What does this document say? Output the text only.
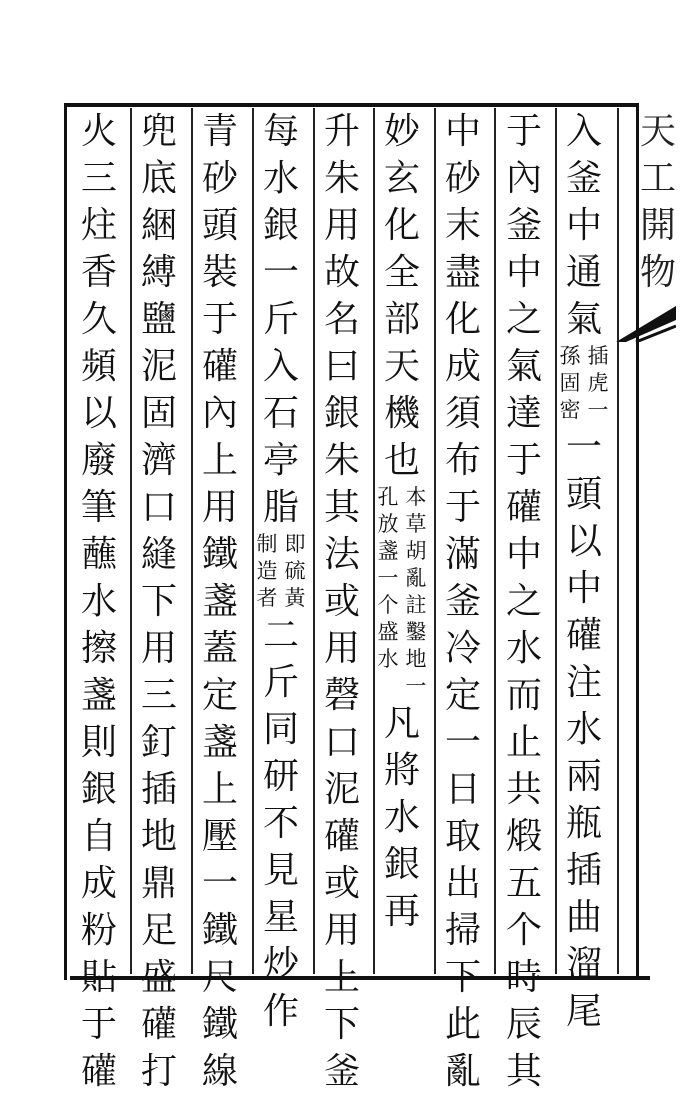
天
工
開
物
入
釜
中
通
氣
插
虎
一
孫
固
密
一
頭
以
中
礶
注
水
兩
瓶
插
曲
溜
尾
于
內
釜
中
之
氣
達
于
礶
中
之
水
而
止
共
煅
五
个
時
辰
其
中
砂
末
盡
化
成
須
布
于
滿
釜
冷
定
一
日
取
出
掃
下
此
亂
妙
玄
化
全
部
天
機
也
本
草
胡
亂
註
鑿
地
一
孔
放
盞
一
个
盛
水
凡
將
水
銀
再
升
朱
用
故
名
曰
銀
朱
其
法
或
用
磬
口
泥
礶
或
用
上
下
釜
每
水
銀
一
斤
入
石
亭
脂
即
硫
黃
制
造
者
二
斤
同
研
不
見
星
炒
作
青
砂
頭
裝
于
礶
內
上
用
鐵
盞
蓋
定
盞
上
壓
一
鐵
尺
鐵
線
兜
底
綑
縛
鹽
泥
固
濟
口
縫
下
用
三
釘
插
地
鼎
足
盛
礶
打
火
三
炷
香
久
頻
以
廢
筆
蘸
水
擦
盞
則
銀
自
成
粉
貼
于
礶
